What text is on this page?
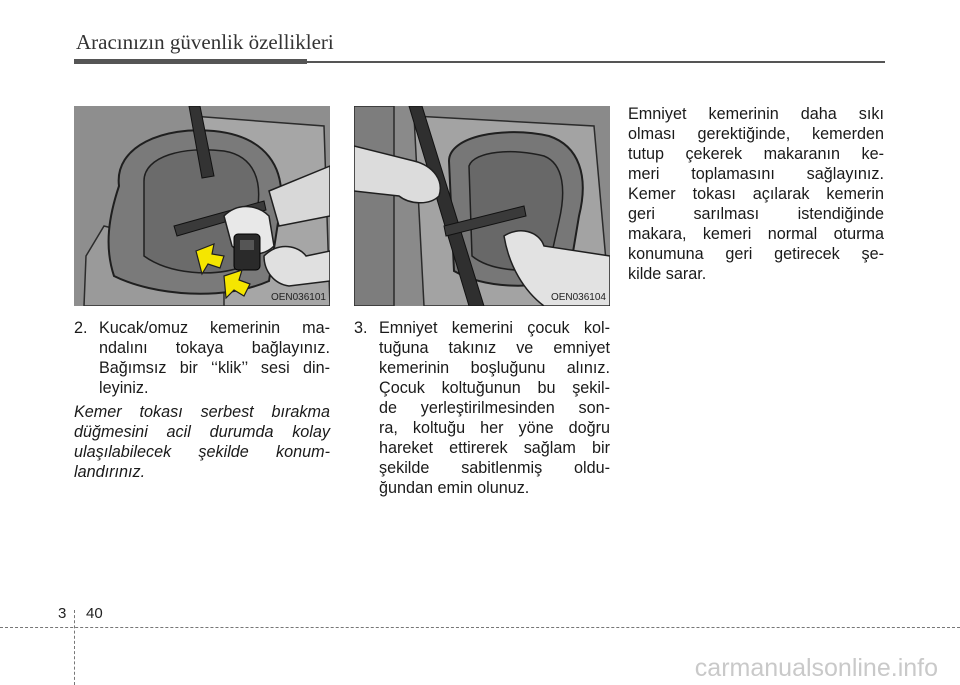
Aracınızın güvenlik özellikleri
OEN036101	OEN036104
2. Kucak/omuz kemerinin ma-
ndalını tokaya bağlayınız.
Bağımsız bir ‘‘klik’’ sesi din-
leyiniz.
Kemer tokası serbest bırakma
düğmesini acil durumda kolay
ulaşılabilecek şekilde konum-
landırınız.
3. Emniyet kemerini çocuk kol-
tuğuna takınız ve emniyet
kemerinin boşluğunu alınız.
Çocuk koltuğunun bu şekil-
de yerleştirilmesinden son-
ra, koltuğu her yöne doğru
hareket ettirerek sağlam bir
şekilde sabitlenmiş oldu-
ğundan emin olunuz.
Emniyet kemerinin daha sıkı
olması gerektiğinde, kemerden
tutup çekerek makaranın ke-
meri toplamasını sağlayınız.
Kemer tokası açılarak kemerin
geri sarılması istendiğinde
makara, kemeri normal oturma
konumuna geri getirecek şe-
kilde sarar.
3 40
carmanualsonline.info
